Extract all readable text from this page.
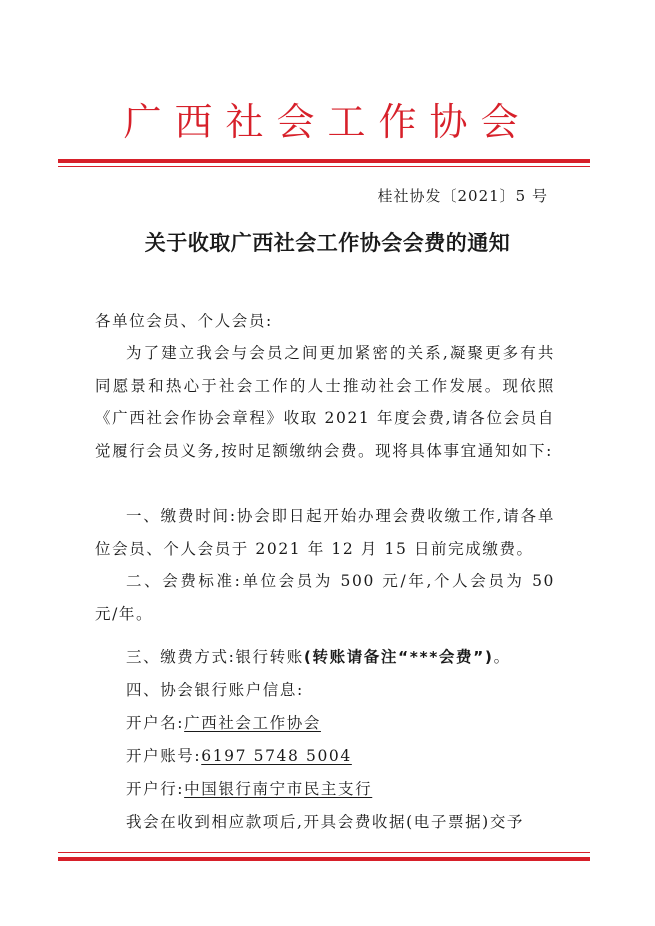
广西社会工作协会
桂社协发〔2021〕5 号
关于收取广西社会工作协会会费的通知
各单位会员、个人会员:
为了建立我会与会员之间更加紧密的关系,凝聚更多有共同愿景和热心于社会工作的人士推动社会工作发展。现依照《广西社会作协会章程》收取 2021 年度会费,请各位会员自觉履行会员义务,按时足额缴纳会费。现将具体事宜通知如下:
一、缴费时间:协会即日起开始办理会费收缴工作,请各单位会员、个人会员于 2021 年 12 月 15 日前完成缴费。
二、会费标准:单位会员为 500 元/年,个人会员为 50 元/年。
三、缴费方式:银行转账(转账请备注“***会费”)。
四、协会银行账户信息:
开户名:广西社会工作协会
开户账号:6197 5748 5004
开户行:中国银行南宁市民主支行
我会在收到相应款项后,开具会费收据(电子票据)交予
